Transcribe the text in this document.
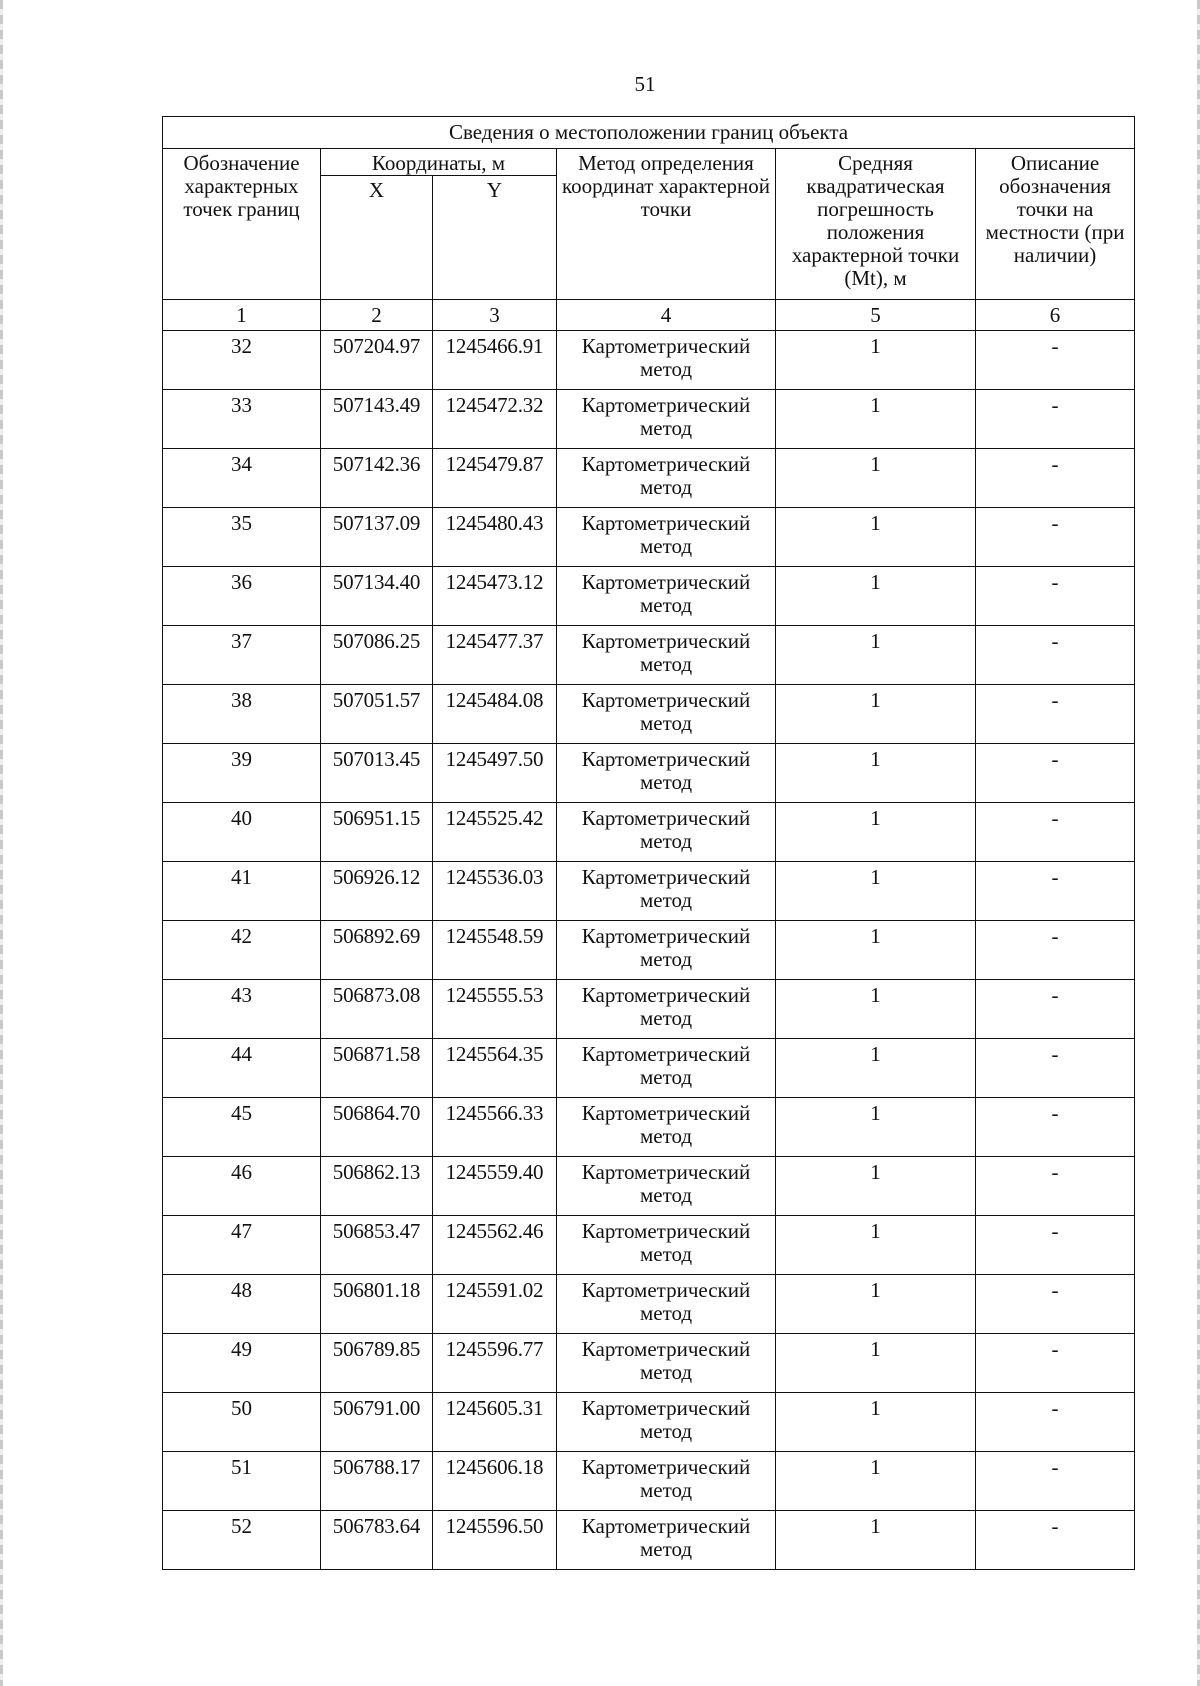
51
Сведения о местоположении границ объекта					
Обозначение характерных точек границ	Координаты, м		Метод определения координат характерной точки	Средняя квадратическая погрешность положения характерной точки (Mt), м	Описание обозначения точки на местности (при наличии)
	X	Y			
1	2	3	4	5	6
32	507204.97	1245466.91	Картометрический метод	1	-
33	507143.49	1245472.32	Картометрический метод	1	-
34	507142.36	1245479.87	Картометрический метод	1	-
35	507137.09	1245480.43	Картометрический метод	1	-
36	507134.40	1245473.12	Картометрический метод	1	-
37	507086.25	1245477.37	Картометрический метод	1	-
38	507051.57	1245484.08	Картометрический метод	1	-
39	507013.45	1245497.50	Картометрический метод	1	-
40	506951.15	1245525.42	Картометрический метод	1	-
41	506926.12	1245536.03	Картометрический метод	1	-
42	506892.69	1245548.59	Картометрический метод	1	-
43	506873.08	1245555.53	Картометрический метод	1	-
44	506871.58	1245564.35	Картометрический метод	1	-
45	506864.70	1245566.33	Картометрический метод	1	-
46	506862.13	1245559.40	Картометрический метод	1	-
47	506853.47	1245562.46	Картометрический метод	1	-
48	506801.18	1245591.02	Картометрический метод	1	-
49	506789.85	1245596.77	Картометрический метод	1	-
50	506791.00	1245605.31	Картометрический метод	1	-
51	506788.17	1245606.18	Картометрический метод	1	-
52	506783.64	1245596.50	Картометрический метод	1	-
